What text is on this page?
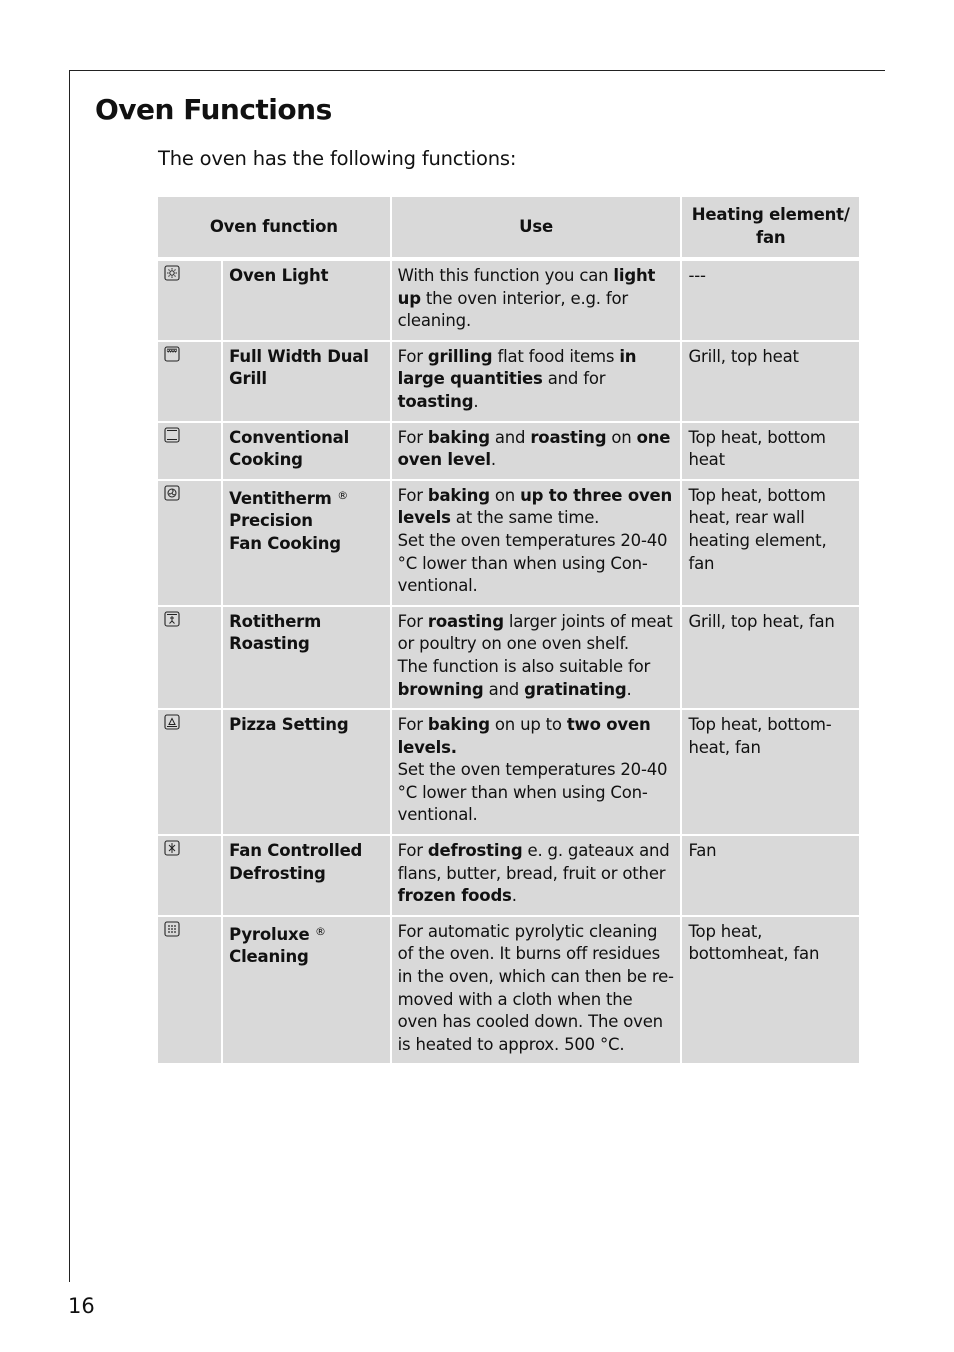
Oven Functions

The oven has the following functions:

Oven function		Use	Heating element/ fan

	Oven Light	With this function you can light up the oven interior, e.g. for cleaning.	---

	Full Width Dual Grill	For grilling flat food items in large quantities and for toasting.	Grill, top heat

	Conventional Cooking	For baking and roasting on one oven level.	Top heat, bottom heat

	Ventitherm ®
Precision
Fan Cooking	For baking on up to three oven levels at the same time.
Set the oven temperatures 20-40 °C lower than when using Con-ventional.	Top heat, bottom heat, rear wall heating element, fan

	Rotitherm
Roasting	For roasting larger joints of meat or poultry on one oven shelf.
The function is also suitable for browning and gratinating.	Grill, top heat, fan

	Pizza Setting	For baking on up to two oven levels.
Set the oven temperatures 20-40 °C lower than when using Con-ventional.	Top heat, bottom-heat, fan

	Fan Controlled
Defrosting	For defrosting e. g. gateaux and flans, butter, bread, fruit or other frozen foods.	Fan

	Pyroluxe ®
Cleaning	For automatic pyrolytic cleaning of the oven. It burns off residues in the oven, which can then be re-moved with a cloth when the oven has cooled down. The oven is heated to approx. 500 °C.	Top heat, bottomheat, fan
16
